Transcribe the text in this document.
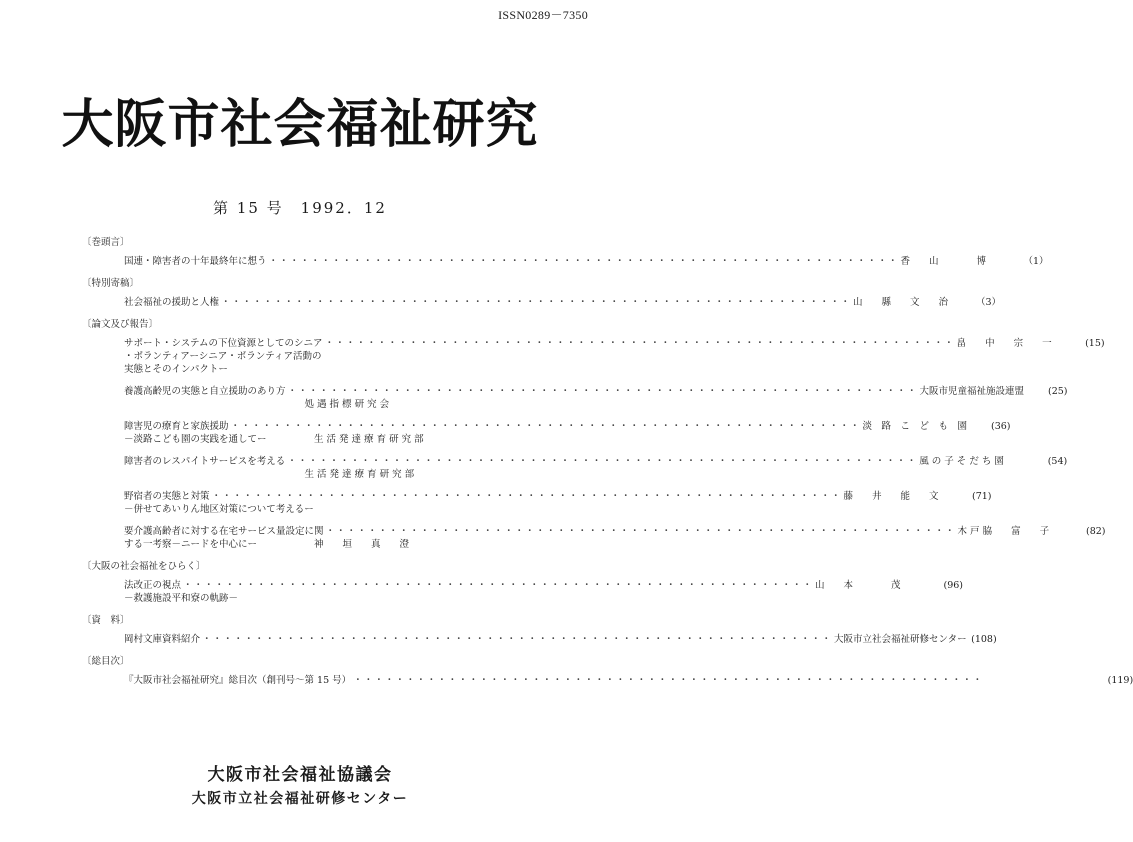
ISSN0289－7350
大阪市社会福祉研究
第 15 号　1992．12
〔巻頭言〕
国連・障害者の十年最終年に想う ・・・・・・・・・・・・・・・・・・・・・・・・・・・・・・・・・・・・・・・・・・・・・・・・・・・・・・・・・・・・ 香　　山　　　　博	（1）
〔特別寄稿〕
社会福祉の援助と人権 ・・・・・・・・・・・・・・・・・・・・・・・・・・・・・・・・・・・・・・・・・・・・・・・・・・・・・・・・・・・・ 山　　縣　　文　　治	（3）
〔論文及び報告〕
サポート・システムの下位資源としてのシニア ・・・・・・・・・・・・・・・・・・・・・・・・・・・・・・・・・・・・・・・・・・・・・・・・・・・・・・・・・・・・ 畠　　中　　宗　　一	(15)
・ボランティアーシニア・ボランティア活動の
実態とそのインパクトー
養護高齢児の実態と自立援助のあり方 ・・・・・・・・・・・・・・・・・・・・・・・・・・・・・・・・・・・・・・・・・・・・・・・・・・・・・・・・・・・・ 大阪市児童福祉施設連盟	(25)
　　　　　　　　　　　　　　　　　　　処 遇 指 標 研 究 会
障害児の療育と家族援助 ・・・・・・・・・・・・・・・・・・・・・・・・・・・・・・・・・・・・・・・・・・・・・・・・・・・・・・・・・・・・ 淡　路　こ　ど　も　園	(36)
－淡路こども園の実践を通してー　　　　　生 活 発 達 療 育 研 究 部
障害者のレスパイトサービスを考える ・・・・・・・・・・・・・・・・・・・・・・・・・・・・・・・・・・・・・・・・・・・・・・・・・・・・・・・・・・・・ 風 の 子 そ だ ち 園	(54)
　　　　　　　　　　　　　　　　　　　生 活 発 達 療 育 研 究 部
野宿者の実態と対策 ・・・・・・・・・・・・・・・・・・・・・・・・・・・・・・・・・・・・・・・・・・・・・・・・・・・・・・・・・・・・ 藤　　井　　能　　文	(71)
－併せてあいりん地区対策について考えるー
要介護高齢者に対する在宅サービス量設定に関 ・・・・・・・・・・・・・・・・・・・・・・・・・・・・・・・・・・・・・・・・・・・・・・・・・・・・・・・・・・・・ 木 戸 脇　　富　　子	(82)
する一考察－ニードを中心にー　　　　　　神　　垣　　真　　澄
〔大阪の社会福祉をひらく〕
法改正の視点 ・・・・・・・・・・・・・・・・・・・・・・・・・・・・・・・・・・・・・・・・・・・・・・・・・・・・・・・・・・・・ 山　　本　　　　茂	(96)
－救護施設平和寮の軌跡－
〔資　料〕
岡村文庫資料紹介 ・・・・・・・・・・・・・・・・・・・・・・・・・・・・・・・・・・・・・・・・・・・・・・・・・・・・・・・・・・・・ 大阪市立社会福祉研修センター (108)
〔総目次〕
『大阪市社会福祉研究』総目次（創刊号～第 15 号） ・・・・・・・・・・・・・・・・・・・・・・・・・・・・・・・・・・・・・・・・・・・・・・・・・・・・・・・・・・・・	(119)
大阪市社会福祉協議会
大阪市立社会福祉研修センター
